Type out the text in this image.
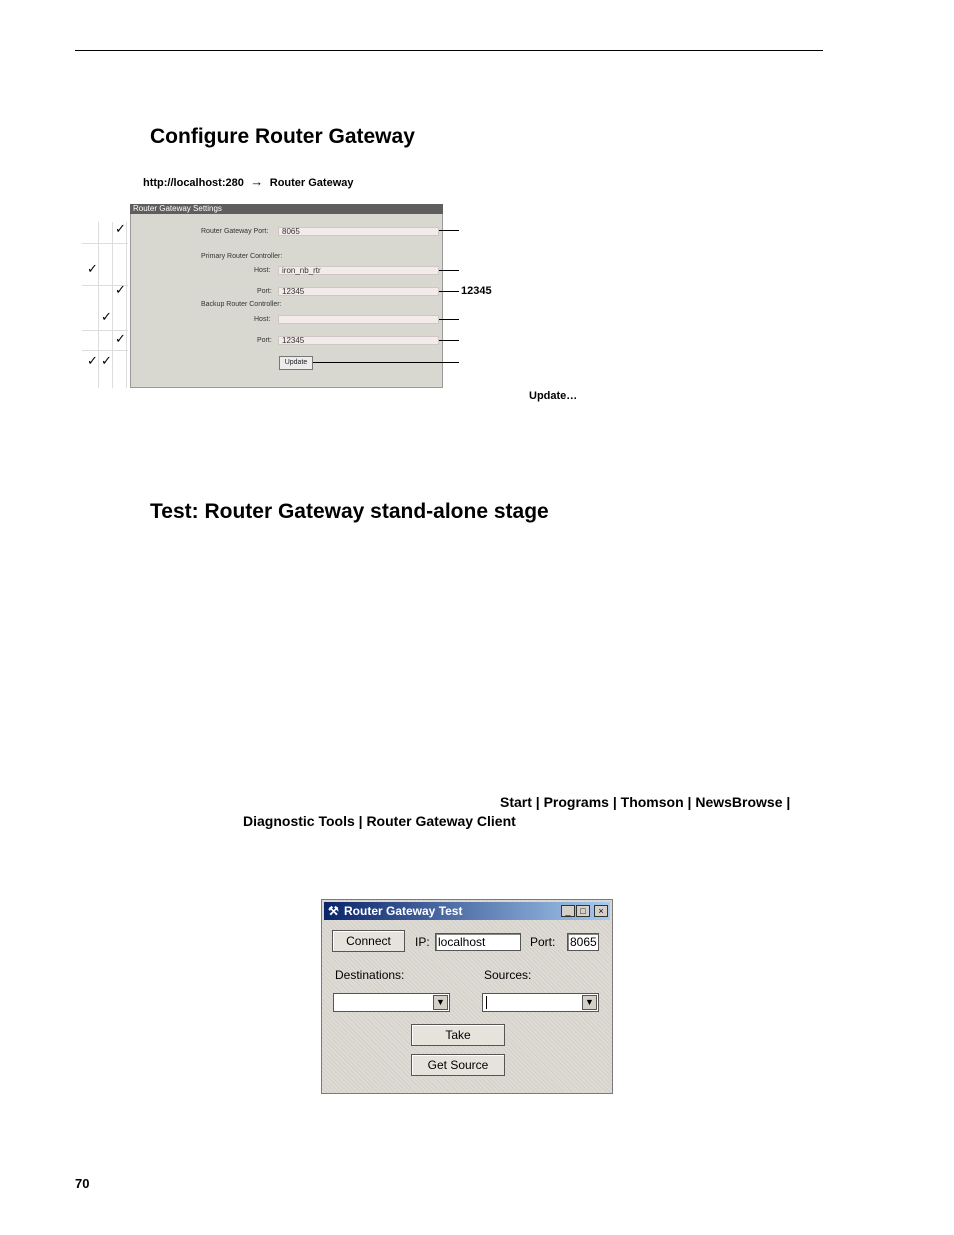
Configure Router Gateway
http://localhost:280 → Router Gateway
✓
✓
✓
✓
✓
✓ ✓
Router Gateway Settings
Router Gateway Port:	8065
Primary Router Controller:
Host:	iron_nb_rtr
Port:	12345
Backup Router Controller:
Host:
Port:	12345
Update
12345
Update…
Test: Router Gateway stand-alone stage
Start | Programs | Thomson | NewsBrowse |
Diagnostic Tools | Router Gateway Client
⚒ Router Gateway Test	_	□	×
Connect	IP: localhost	Port: 8065
Destinations:	Sources:
▼	▼
Take
Get Source
70
